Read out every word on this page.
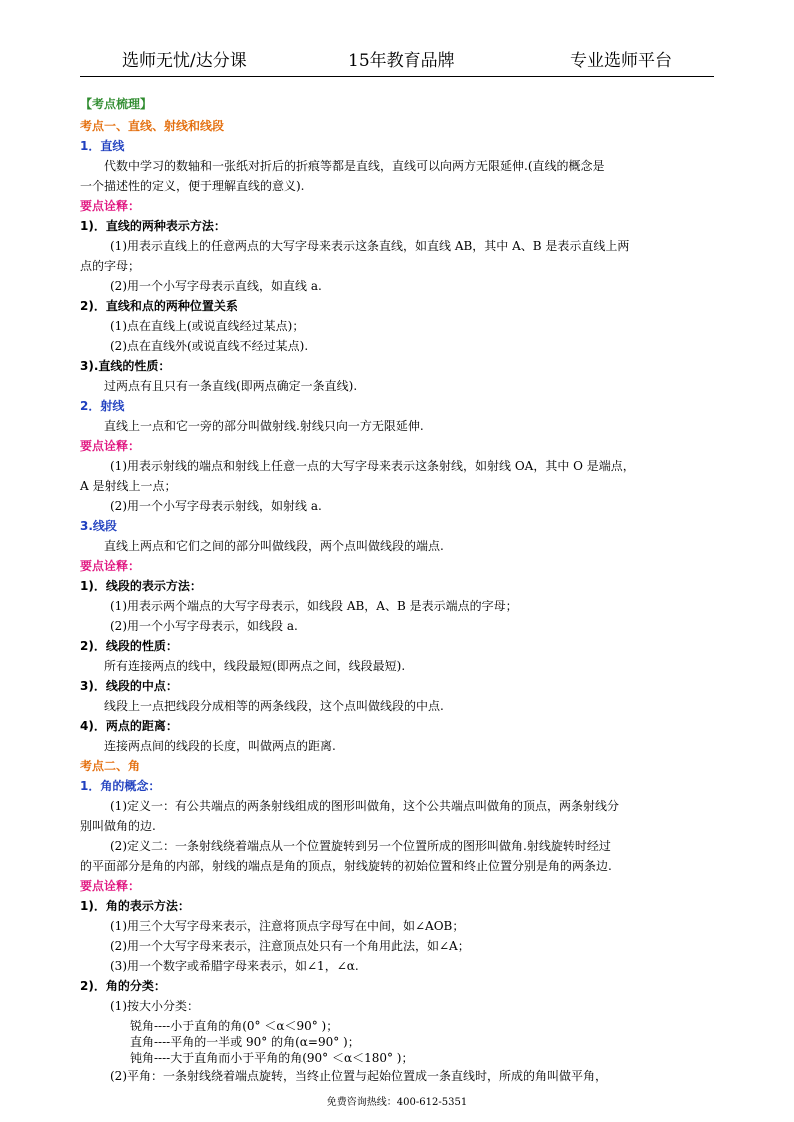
选师无忧/达分课	15年教育品牌	专业选师平台
【考点梳理】
考点一、直线、射线和线段
1．直线
代数中学习的数轴和一张纸对折后的折痕等都是直线，直线可以向两方无限延伸.(直线的概念是
一个描述性的定义，便于理解直线的意义).
要点诠释：
1)．直线的两种表示方法：
(1)用表示直线上的任意两点的大写字母来表示这条直线，如直线 AB，其中 A、B 是表示直线上两
点的字母；
(2)用一个小写字母表示直线，如直线 a.
2)．直线和点的两种位置关系
(1)点在直线上(或说直线经过某点)；
(2)点在直线外(或说直线不经过某点).
3).直线的性质：
过两点有且只有一条直线(即两点确定一条直线).
2．射线
直线上一点和它一旁的部分叫做射线.射线只向一方无限延伸.
要点诠释：
(1)用表示射线的端点和射线上任意一点的大写字母来表示这条射线，如射线 OA，其中 O 是端点，
A 是射线上一点；
(2)用一个小写字母表示射线，如射线 a.
3.线段
直线上两点和它们之间的部分叫做线段，两个点叫做线段的端点.
要点诠释：
1)．线段的表示方法：
(1)用表示两个端点的大写字母表示，如线段 AB，A、B 是表示端点的字母；
(2)用一个小写字母表示，如线段 a.
2)．线段的性质：
所有连接两点的线中，线段最短(即两点之间，线段最短).
3)．线段的中点：
线段上一点把线段分成相等的两条线段，这个点叫做线段的中点.
4)．两点的距离：
连接两点间的线段的长度，叫做两点的距离.
考点二、角
1．角的概念：
(1)定义一：有公共端点的两条射线组成的图形叫做角，这个公共端点叫做角的顶点，两条射线分
别叫做角的边.
(2)定义二：一条射线绕着端点从一个位置旋转到另一个位置所成的图形叫做角.射线旋转时经过
的平面部分是角的内部，射线的端点是角的顶点，射线旋转的初始位置和终止位置分别是角的两条边.
要点诠释：
1)．角的表示方法：
(1)用三个大写字母来表示，注意将顶点字母写在中间，如∠AOB；
(2)用一个大写字母来表示，注意顶点处只有一个角用此法，如∠A；
(3)用一个数字或希腊字母来表示，如∠1，∠α.
2)．角的分类：
(1)按大小分类：
锐角----小于直角的角(0° ＜α＜90° )；
直角----平角的一半或 90° 的角(α=90° )；
钝角----大于直角而小于平角的角(90° ＜α＜180° )；
(2)平角：一条射线绕着端点旋转，当终止位置与起始位置成一条直线时，所成的角叫做平角，
免费咨询热线：400-612-5351
